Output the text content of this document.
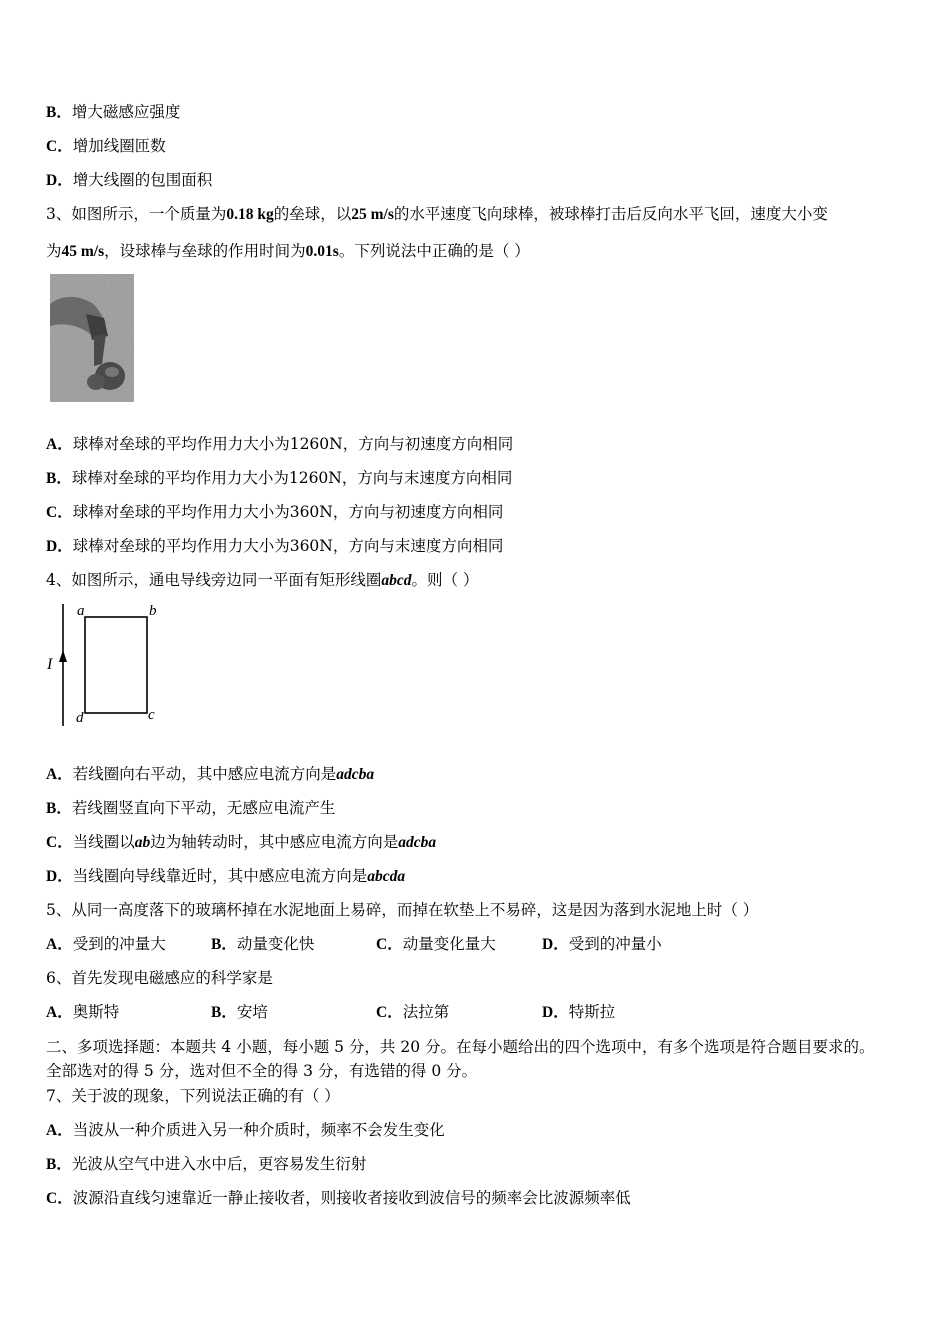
B．增大磁感应强度
C．增加线圈匝数
D．增大线圈的包围面积
3、如图所示，一个质量为0.18 kg的垒球，以25 m/s的水平速度飞向球棒，被球棒打击后反向水平飞回，速度大小变
为45 m/s，设球棒与垒球的作用时间为0.01s。下列说法中正确的是（ ）
A．球棒对垒球的平均作用力大小为1260N，方向与初速度方向相同
B．球棒对垒球的平均作用力大小为1260N，方向与末速度方向相同
C．球棒对垒球的平均作用力大小为360N，方向与初速度方向相同
D．球棒对垒球的平均作用力大小为360N，方向与末速度方向相同
4、如图所示，通电导线旁边同一平面有矩形线圈abcd。则（ ）
a	b
c
d
I
A．若线圈向右平动，其中感应电流方向是adcba
B．若线圈竖直向下平动，无感应电流产生
C．当线圈以ab边为轴转动时，其中感应电流方向是adcba
D．当线圈向导线靠近时，其中感应电流方向是abcda
5、从同一高度落下的玻璃杯掉在水泥地面上易碎，而掉在软垫上不易碎，这是因为落到水泥地上时（ ）
A．受到的冲量大	B．动量变化快	C．动量变化量大	D．受到的冲量小
6、首先发现电磁感应的科学家是
A．奥斯特	B．安培	C．法拉第	D．特斯拉
二、多项选择题：本题共 4 小题，每小题 5 分，共 20 分。在每小题给出的四个选项中，有多个选项是符合题目要求的。
全部选对的得 5 分，选对但不全的得 3 分，有选错的得 0 分。
7、关于波的现象，下列说法正确的有（ ）
A．当波从一种介质进入另一种介质时，频率不会发生变化
B．光波从空气中进入水中后，更容易发生衍射
C．波源沿直线匀速靠近一静止接收者，则接收者接收到波信号的频率会比波源频率低
